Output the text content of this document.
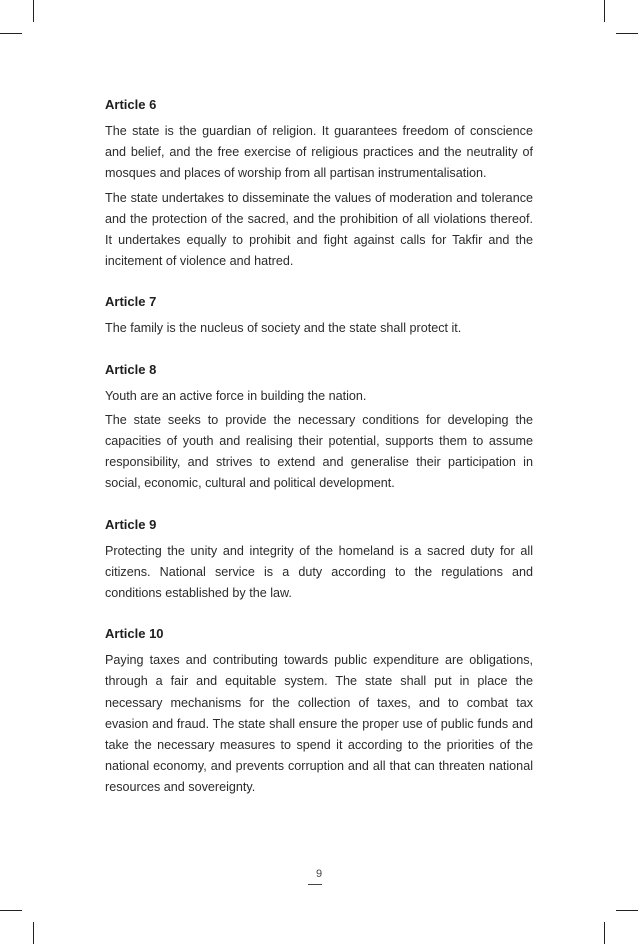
Article 6

The state is the guardian of religion. It guarantees freedom of conscience and belief, and the free exercise of religious practices and the neutrality of mosques and places of worship from all partisan instrumentalisation.

The state undertakes to disseminate the values of moderation and tolerance and the protection of the sacred, and the prohibition of all violations thereof. It undertakes equally to prohibit and fight against calls for Takfir and the incitement of violence and hatred.

Article 7

The family is the nucleus of society and the state shall protect it.

Article 8

Youth are an active force in building the nation.

The state seeks to provide the necessary conditions for developing the capacities of youth and realising their potential, supports them to assume responsibility, and strives to extend and generalise their participation in social, economic, cultural and political development.

Article 9

Protecting the unity and integrity of the homeland is a sacred duty for all citizens. National service is a duty according to the regulations and conditions established by the law.

Article 10

Paying taxes and contributing towards public expenditure are obligations, through a fair and equitable system. The state shall put in place the necessary mechanisms for the collection of taxes, and to combat tax evasion and fraud. The state shall ensure the proper use of public funds and take the necessary measures to spend it according to the priorities of the national economy, and prevents corruption and all that can threaten national resources and sovereignty.

9
